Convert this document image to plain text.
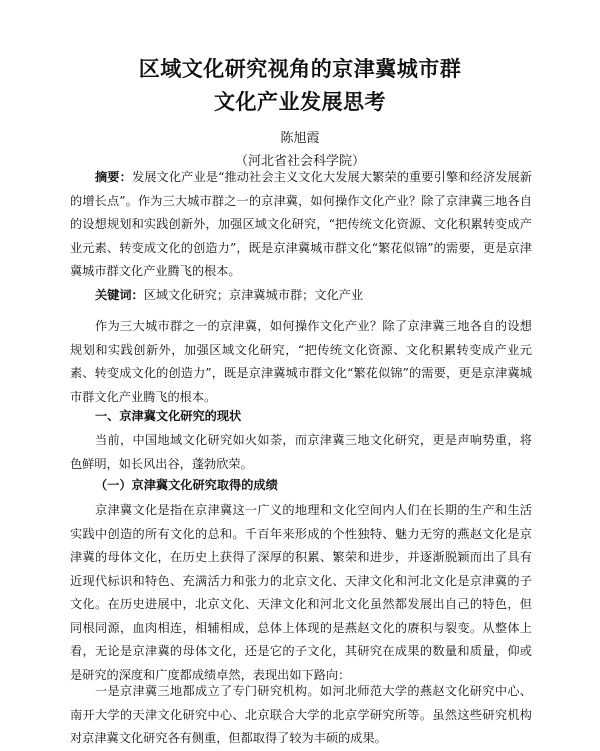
区域文化研究视角的京津冀城市群
文化产业发展思考

陈旭霞

（河北省社会科学院）

摘要：发展文化产业是“推动社会主义文化大发展大繁荣的重要引擎和经济发展新的增长点”。作为三大城市群之一的京津冀，如何操作文化产业？除了京津冀三地各自的设想规划和实践创新外，加强区域文化研究，“把传统文化资源、文化积累转变成产业元素、转变成文化的创造力”，既是京津冀城市群文化“繁花似锦”的需要，更是京津冀城市群文化产业腾飞的根本。

关键词：区域文化研究；京津冀城市群；文化产业

作为三大城市群之一的京津冀，如何操作文化产业？除了京津冀三地各自的设想规划和实践创新外，加强区域文化研究，“把传统文化资源、文化积累转变成产业元素、转变成文化的创造力”，既是京津冀城市群文化“繁花似锦”的需要，更是京津冀城市群文化产业腾飞的根本。

一、京津冀文化研究的现状

当前，中国地域文化研究如火如荼，而京津冀三地文化研究，更是声响势重，将色鲜明，如长风出谷，蓬勃欣荣。

（一）京津冀文化研究取得的成绩

京津冀文化是指在京津冀这一广义的地理和文化空间内人们在长期的生产和生活实践中创造的所有文化的总和。千百年来形成的个性独特、魅力无穷的燕赵文化是京津冀的母体文化，在历史上获得了深厚的积累、繁荣和进步，并逐渐脱颖而出了具有近现代标识和特色、充满活力和张力的北京文化、天津文化和河北文化是京津冀的子文化。在历史进展中，北京文化、天津文化和河北文化虽然都发展出自己的特色，但同根同源，血肉相连，相辅相成，总体上体现的是燕赵文化的赓积与裂变。从整体上看，无论是京津冀的母体文化，还是它的子文化，其研究在成果的数量和质量，仰或是研究的深度和广度都成绩卓然，表现出如下路向：

一是京津冀三地都成立了专门研究机构。如河北师范大学的燕赵文化研究中心、南开大学的天津文化研究中心、北京联合大学的北京学研究所等。虽然这些研究机构对京津冀文化研究各有侧重，但都取得了较为丰硕的成果。
